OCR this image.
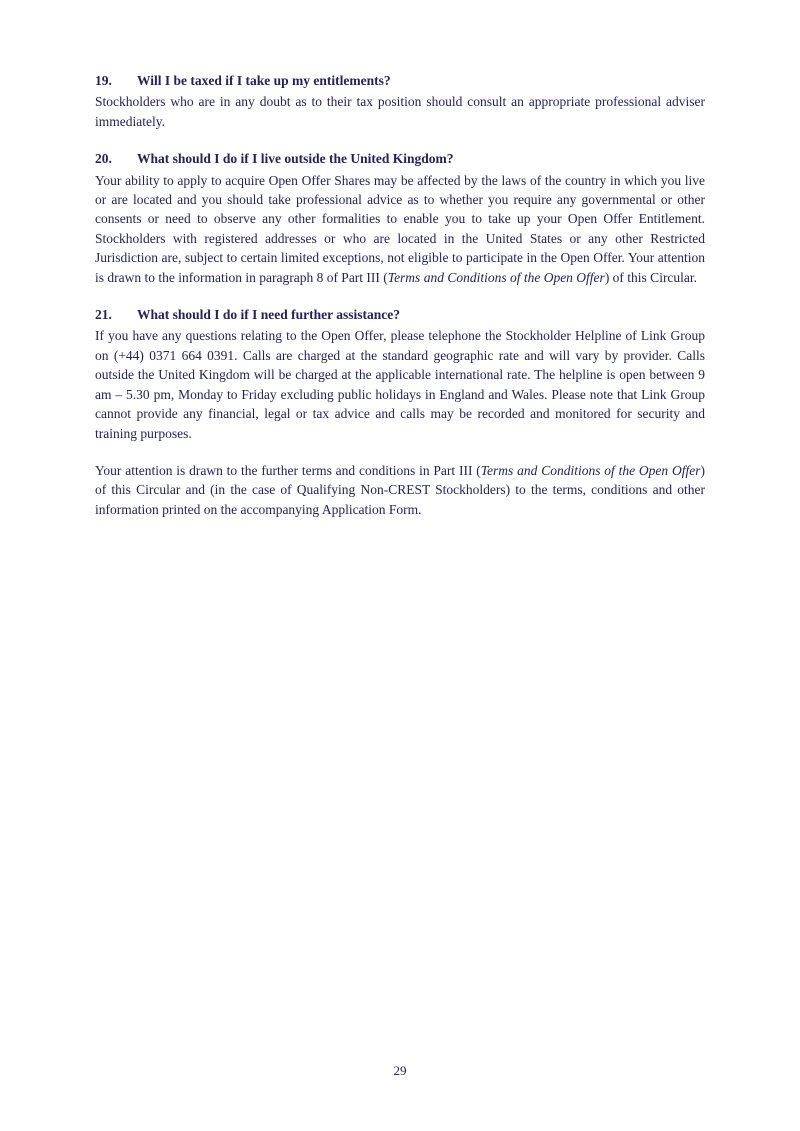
19.	Will I be taxed if I take up my entitlements?

Stockholders who are in any doubt as to their tax position should consult an appropriate professional adviser immediately.

20.	What should I do if I live outside the United Kingdom?

Your ability to apply to acquire Open Offer Shares may be affected by the laws of the country in which you live or are located and you should take professional advice as to whether you require any governmental or other consents or need to observe any other formalities to enable you to take up your Open Offer Entitlement. Stockholders with registered addresses or who are located in the United States or any other Restricted Jurisdiction are, subject to certain limited exceptions, not eligible to participate in the Open Offer. Your attention is drawn to the information in paragraph 8 of Part III (Terms and Conditions of the Open Offer) of this Circular.

21.	What should I do if I need further assistance?

If you have any questions relating to the Open Offer, please telephone the Stockholder Helpline of Link Group on (+44) 0371 664 0391. Calls are charged at the standard geographic rate and will vary by provider. Calls outside the United Kingdom will be charged at the applicable international rate. The helpline is open between 9 am – 5.30 pm, Monday to Friday excluding public holidays in England and Wales. Please note that Link Group cannot provide any financial, legal or tax advice and calls may be recorded and monitored for security and training purposes.

Your attention is drawn to the further terms and conditions in Part III (Terms and Conditions of the Open Offer) of this Circular and (in the case of Qualifying Non-CREST Stockholders) to the terms, conditions and other information printed on the accompanying Application Form.

29
